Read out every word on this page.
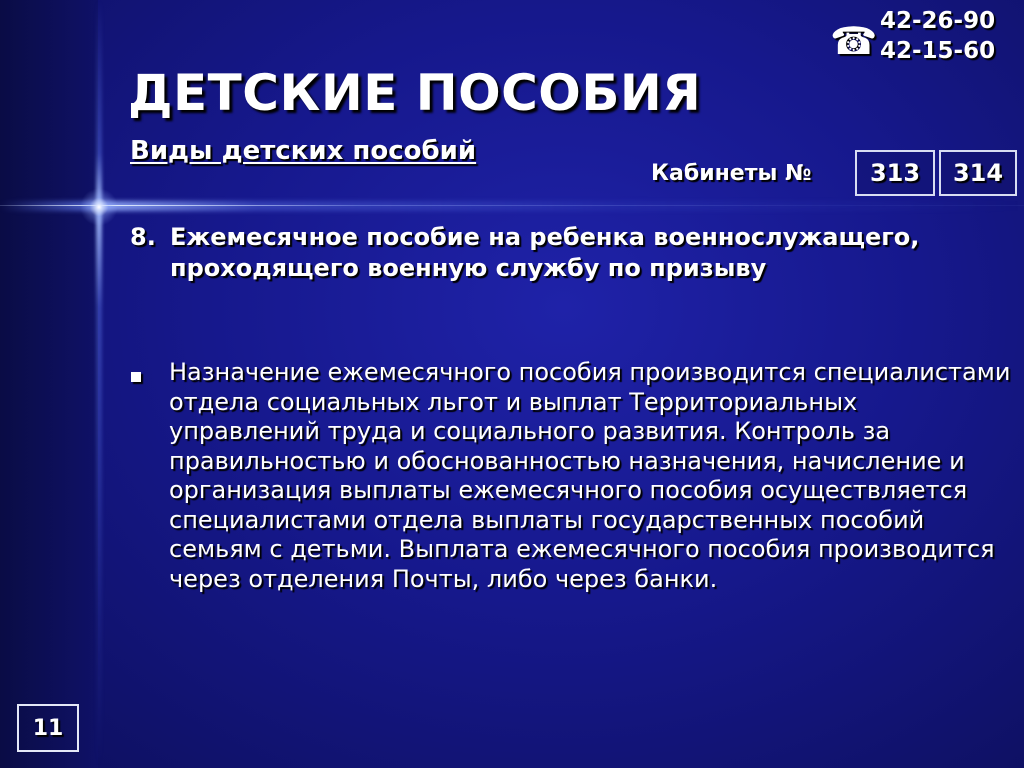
ДЕТСКИЕ ПОСОБИЯ
Виды детских пособий
☎ 42-26-90
42-15-60
Кабинеты №	313	314
8. Ежемесячное пособие на ребенка военнослужащего, проходящего военную службу по призыву

Назначение ежемесячного пособия производится специалистами отдела социальных льгот и выплат Территориальных управлений труда и социального развития. Контроль за правильностью и обоснованностью назначения, начисление и организация выплаты ежемесячного пособия осуществляется специалистами отдела выплаты государственных пособий семьям с детьми. Выплата ежемесячного пособия производится через отделения Почты, либо через банки.

11
